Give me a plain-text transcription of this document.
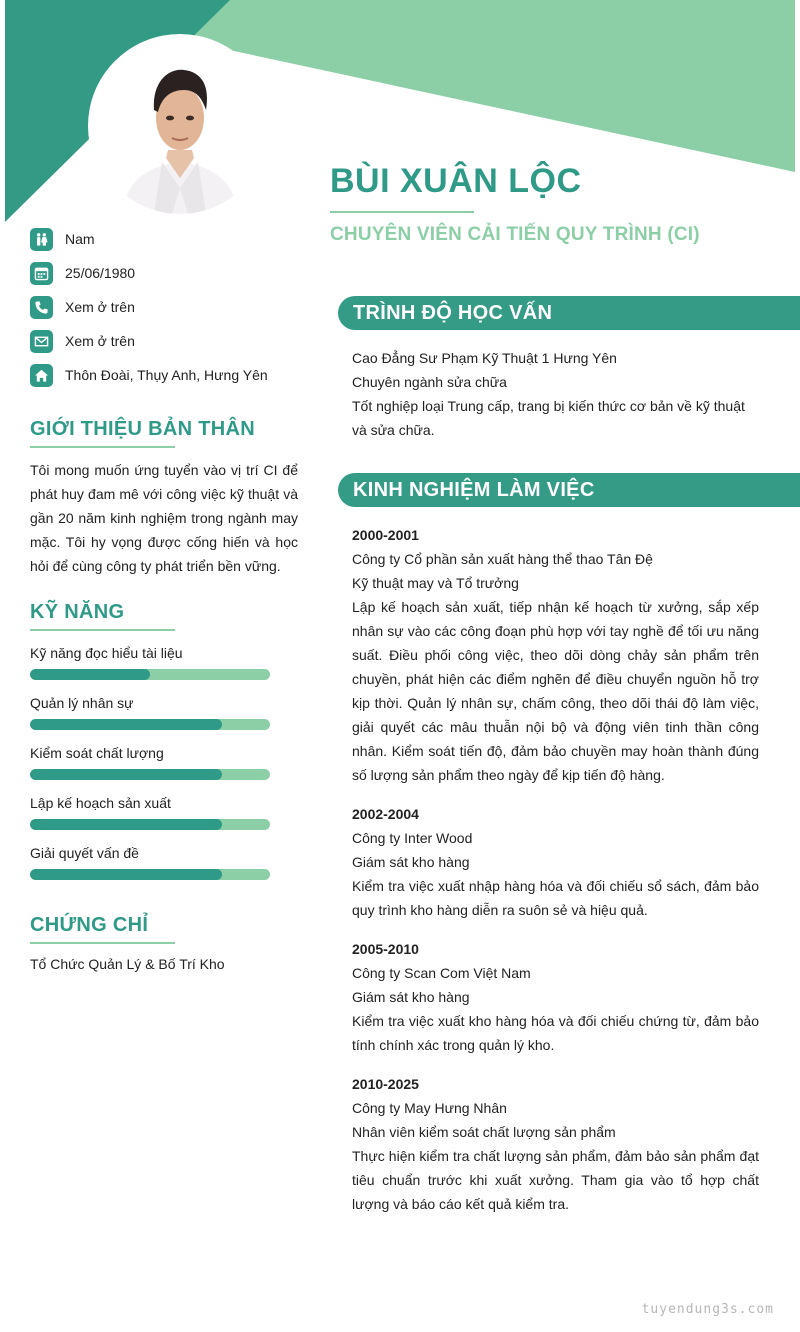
BÙI XUÂN LỘC
CHUYÊN VIÊN CẢI TIẾN QUY TRÌNH (CI)
Nam
25/06/1980
Xem ở trên
Xem ở trên
Thôn Đoài, Thụy Anh, Hưng Yên
GIỚI THIỆU BẢN THÂN
Tôi mong muốn ứng tuyển vào vị trí CI để phát huy đam mê với công việc kỹ thuật và gần 20 năm kinh nghiệm trong ngành may mặc. Tôi hy vọng được cống hiến và học hỏi để cùng công ty phát triển bền vững.
KỸ NĂNG
Kỹ năng đọc hiểu tài liệu
Quản lý nhân sự
Kiểm soát chất lượng
Lập kế hoạch sản xuất
Giải quyết vấn đề
CHỨNG CHỈ
Tổ Chức Quản Lý & Bố Trí Kho
TRÌNH ĐỘ HỌC VẤN

Cao Đẳng Sư Phạm Kỹ Thuật 1 Hưng Yên

Chuyên ngành sửa chữa

Tốt nghiệp loại Trung cấp, trang bị kiến thức cơ bản về kỹ thuật và sửa chữa.

KINH NGHIỆM LÀM VIỆC
2000-2001
Công ty Cổ phần sản xuất hàng thể thao Tân Đệ
Kỹ thuật may và Tổ trưởng
Lập kế hoạch sản xuất, tiếp nhận kế hoạch từ xưởng, sắp xếp nhân sự vào các công đoạn phù hợp với tay nghề để tối ưu năng suất. Điều phối công việc, theo dõi dòng chảy sản phẩm trên chuyền, phát hiện các điểm nghẽn để điều chuyển nguồn hỗ trợ kịp thời. Quản lý nhân sự, chấm công, theo dõi thái độ làm việc, giải quyết các mâu thuẫn nội bộ và động viên tinh thần công nhân. Kiểm soát tiến độ, đảm bảo chuyền may hoàn thành đúng số lượng sản phẩm theo ngày để kịp tiến độ hàng.
2002-2004
Công ty Inter Wood
Giám sát kho hàng
Kiểm tra việc xuất nhập hàng hóa và đối chiếu sổ sách, đảm bảo quy trình kho hàng diễn ra suôn sẻ và hiệu quả.
2005-2010
Công ty Scan Com Việt Nam
Giám sát kho hàng
Kiểm tra việc xuất kho hàng hóa và đối chiếu chứng từ, đảm bảo tính chính xác trong quản lý kho.
2010-2025
Công ty May Hưng Nhân
Nhân viên kiểm soát chất lượng sản phẩm
Thực hiện kiểm tra chất lượng sản phẩm, đảm bảo sản phẩm đạt tiêu chuẩn trước khi xuất xưởng. Tham gia vào tổ hợp chất lượng và báo cáo kết quả kiểm tra.
tuyendung3s.com
